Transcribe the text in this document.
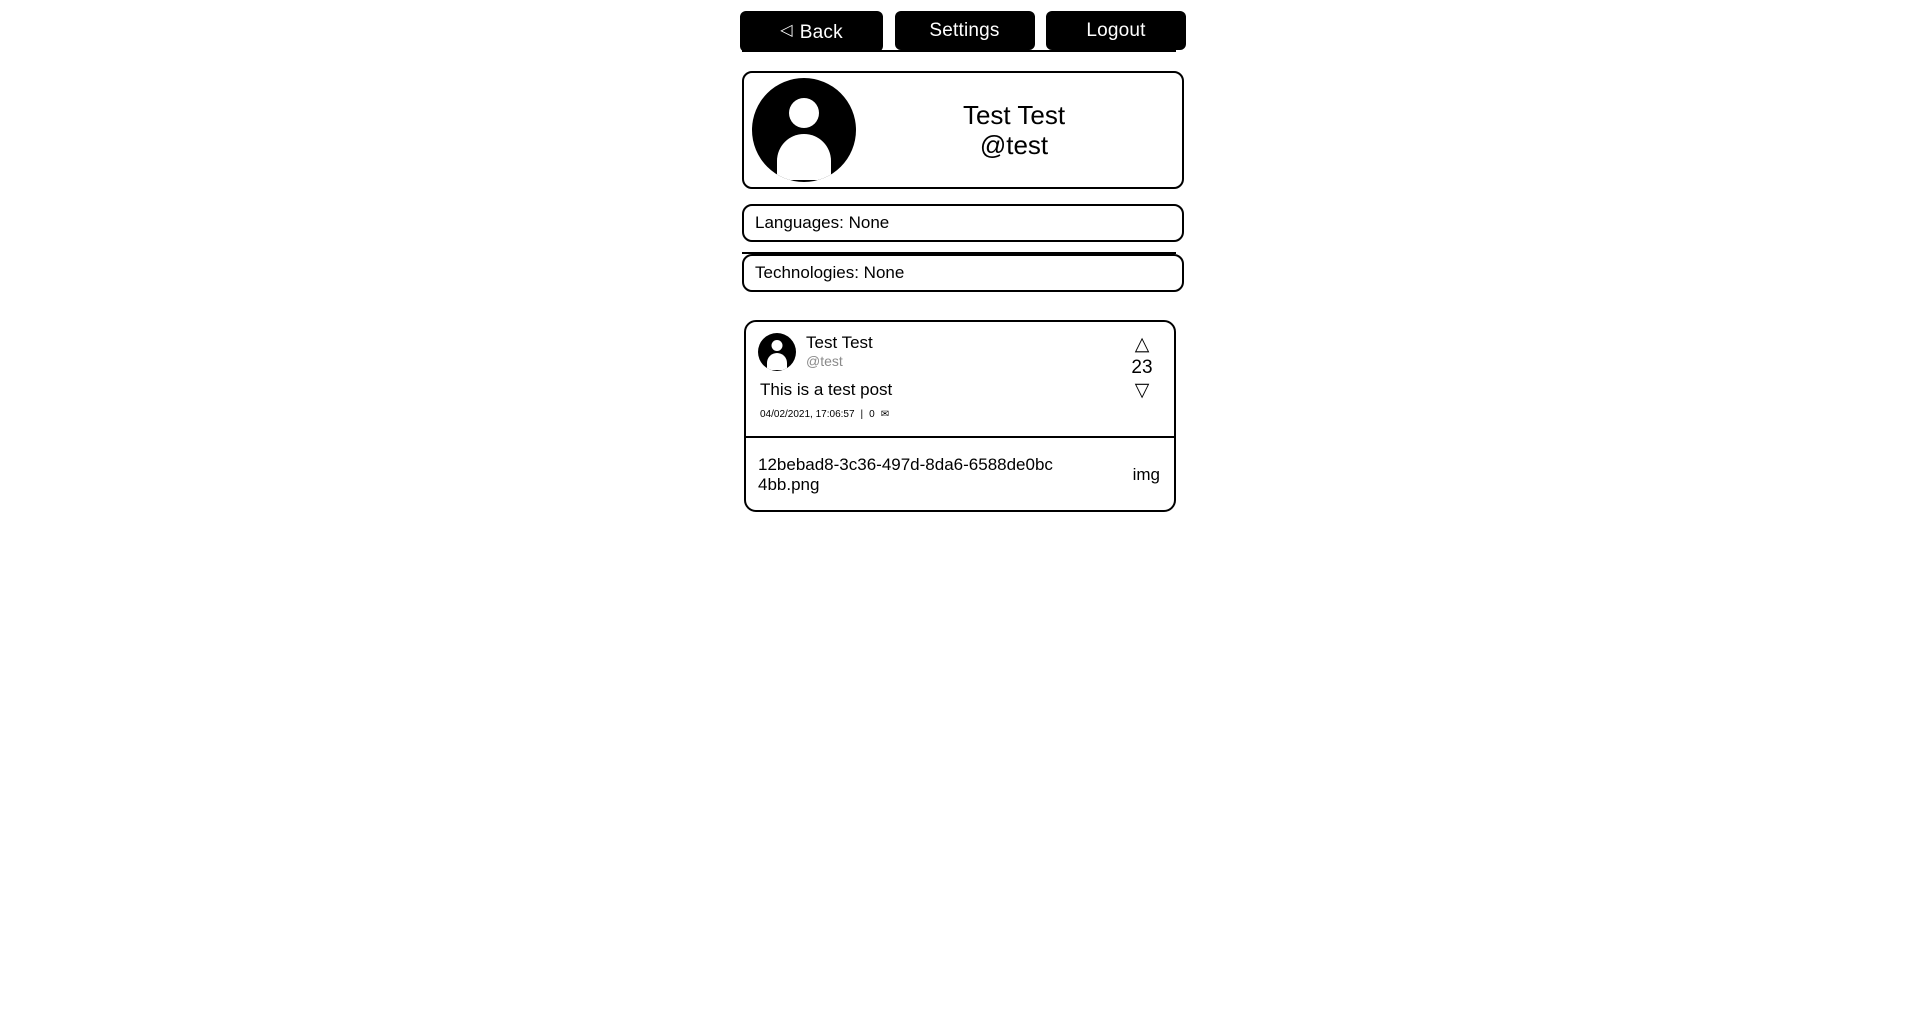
◁ Back	Settings	Logout
Test Test
@test
Languages: None
Technologies: None
Test Test
@test
This is a test post
04/02/2021, 17:06:57 | 0 ✉
△
23
▽
12bebad8-3c36-497d-8da6-6588de0bc4bb.png
img
